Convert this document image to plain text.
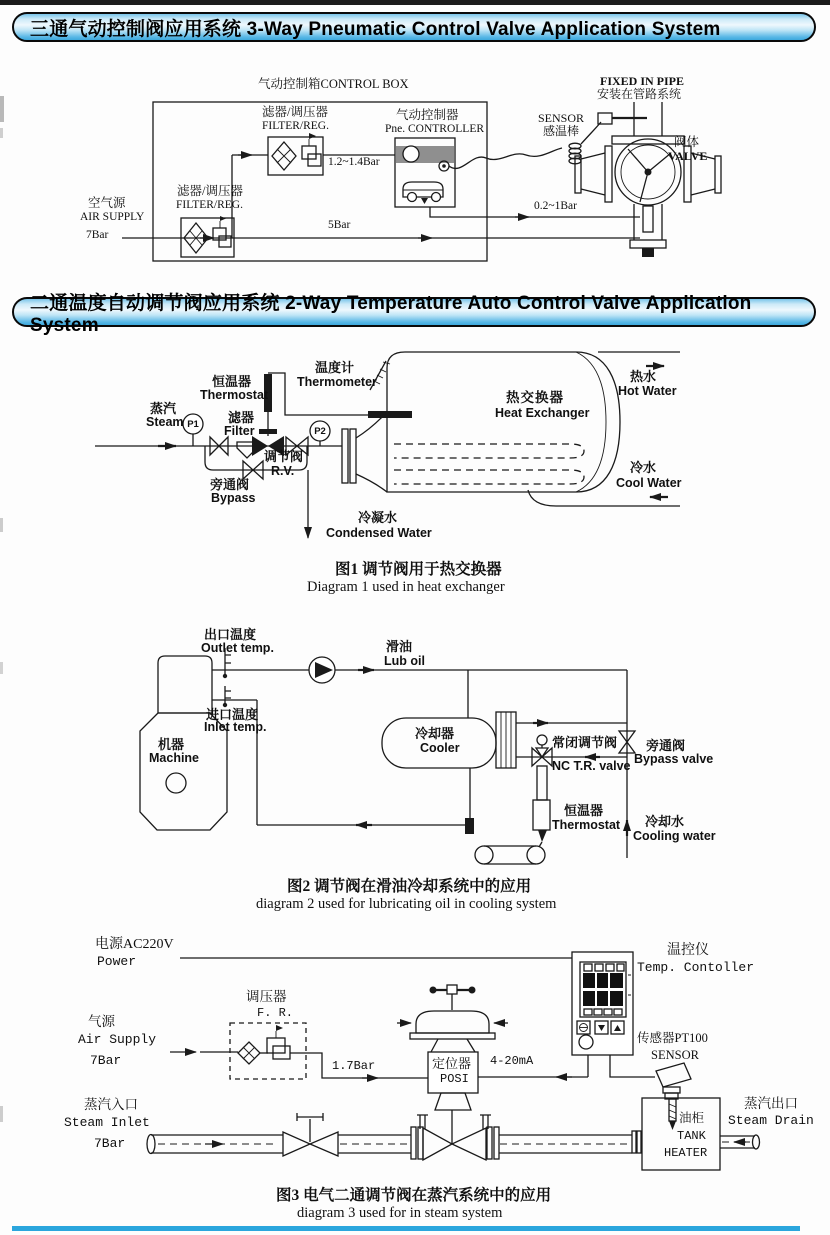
三通气动控制阀应用系统 3-Way Pneumatic Control Valve Application System
二通温度自动调节阀应用系统 2-Way Temperature Auto Control Valve Application System
气动控制箱CONTROL BOX
滤器/调压器
FILTER/REG.
气动控制器
Pne. CONTROLLER
1.2~1.4Bar
滤器/调压器
FILTER/REG.
空气源
AIR SUPPLY
7Bar
5Bar
FIXED IN PIPE
安装在管路系统
SENSOR
感温棒
阀体
VALVE
0.2~1Bar
恒温器
Thermostat
温度计
Thermometer
蒸汽
Steam P1
P2
滤器
Filter
调节阀
R.V.
旁通阀
Bypass
热交换器
Heat Exchanger
热水
Hot Water
冷水
Cool Water
冷凝水
Condensed Water
图1 调节阀用于热交换器
Diagram 1 used in heat exchanger
出口温度
Outlet temp.	滑油
Lub oil
进口温度
Inlet temp.
机器
Machine
冷却器
Cooler	常闭调节阀
NC T.R. valve
旁通阀
Bypass valve
恒温器
Thermostat 冷却水
Cooling water
图2 调节阀在滑油冷却系统中的应用
diagram 2 used for lubricating oil in cooling system
电源AC220V
Power
气源
Air Supply
7Bar
调压器
F. R.
1.7Bar	定位器
POSI
4-20mA
温控仪
Temp. Contoller
传感器PT100
SENSOR
蒸汽入口
Steam Inlet
7Bar
油柜
TANK
HEATER
蒸汽出口
Steam Drain
图3 电气二通调节阀在蒸汽系统中的应用
diagram 3 used for in steam system
